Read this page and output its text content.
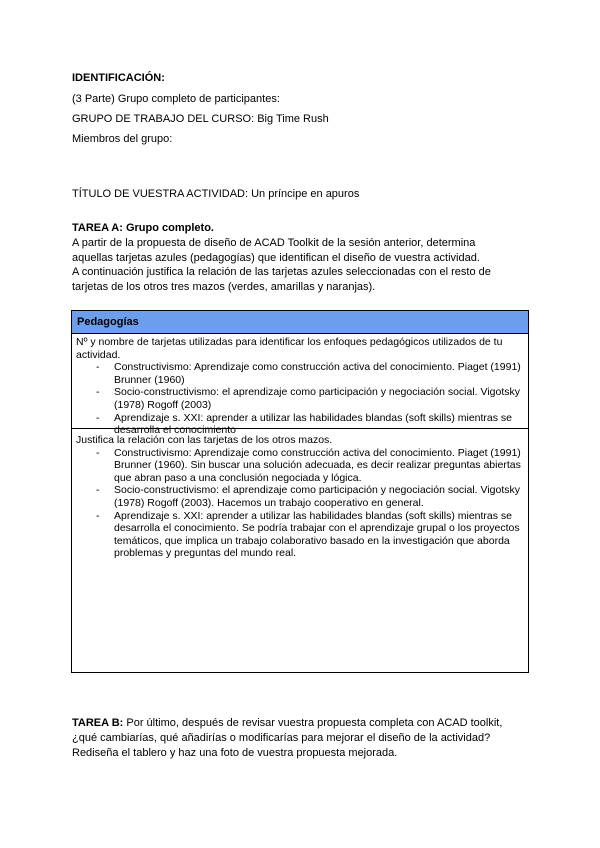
IDENTIFICACIÓN:
(3 Parte) Grupo completo de participantes:
GRUPO DE TRABAJO DEL CURSO: Big Time Rush
Miembros del grupo:
TÍTULO DE VUESTRA ACTIVIDAD: Un príncipe en apuros
TAREA A: Grupo completo.
A partir de la propuesta de diseño de ACAD Toolkit de la sesión anterior, determina
aquellas tarjetas azules (pedagogías) que identifican el diseño de vuestra actividad.
A continuación justifica la relación de las tarjetas azules seleccionadas con el resto de
tarjetas de los otros tres mazos (verdes, amarillas y naranjas).
Pedagogías
Nº y nombre de tarjetas utilizadas para identificar los enfoques pedagógicos utilizados de tu actividad.
- Constructivismo: Aprendizaje como construcción activa del conocimiento. Piaget (1991) Brunner (1960)
- Socio-constructivismo: el aprendizaje como participación y negociación social. Vigotsky (1978) Rogoff (2003)
- Aprendizaje s. XXI: aprender a utilizar las habilidades blandas (soft skills) mientras se desarrolla el conocimiento
Justifica la relación con las tarjetas de los otros mazos.
- Constructivismo: Aprendizaje como construcción activa del conocimiento. Piaget (1991) Brunner (1960). Sin buscar una solución adecuada, es decir realizar preguntas abiertas que abran paso a una conclusión negociada y lógica.
- Socio-constructivismo: el aprendizaje como participación y negociación social. Vigotsky (1978) Rogoff (2003). Hacemos un trabajo cooperativo en general.
- Aprendizaje s. XXI: aprender a utilizar las habilidades blandas (soft skills) mientras se desarrolla el conocimiento. Se podría trabajar con el aprendizaje grupal o los proyectos temáticos, que implica un trabajo colaborativo basado en la investigación que aborda problemas y preguntas del mundo real.
TAREA B: Por último, después de revisar vuestra propuesta completa con ACAD toolkit,
¿qué cambiarías, qué añadirías o modificarías para mejorar el diseño de la actividad?
Rediseña el tablero y haz una foto de vuestra propuesta mejorada.
